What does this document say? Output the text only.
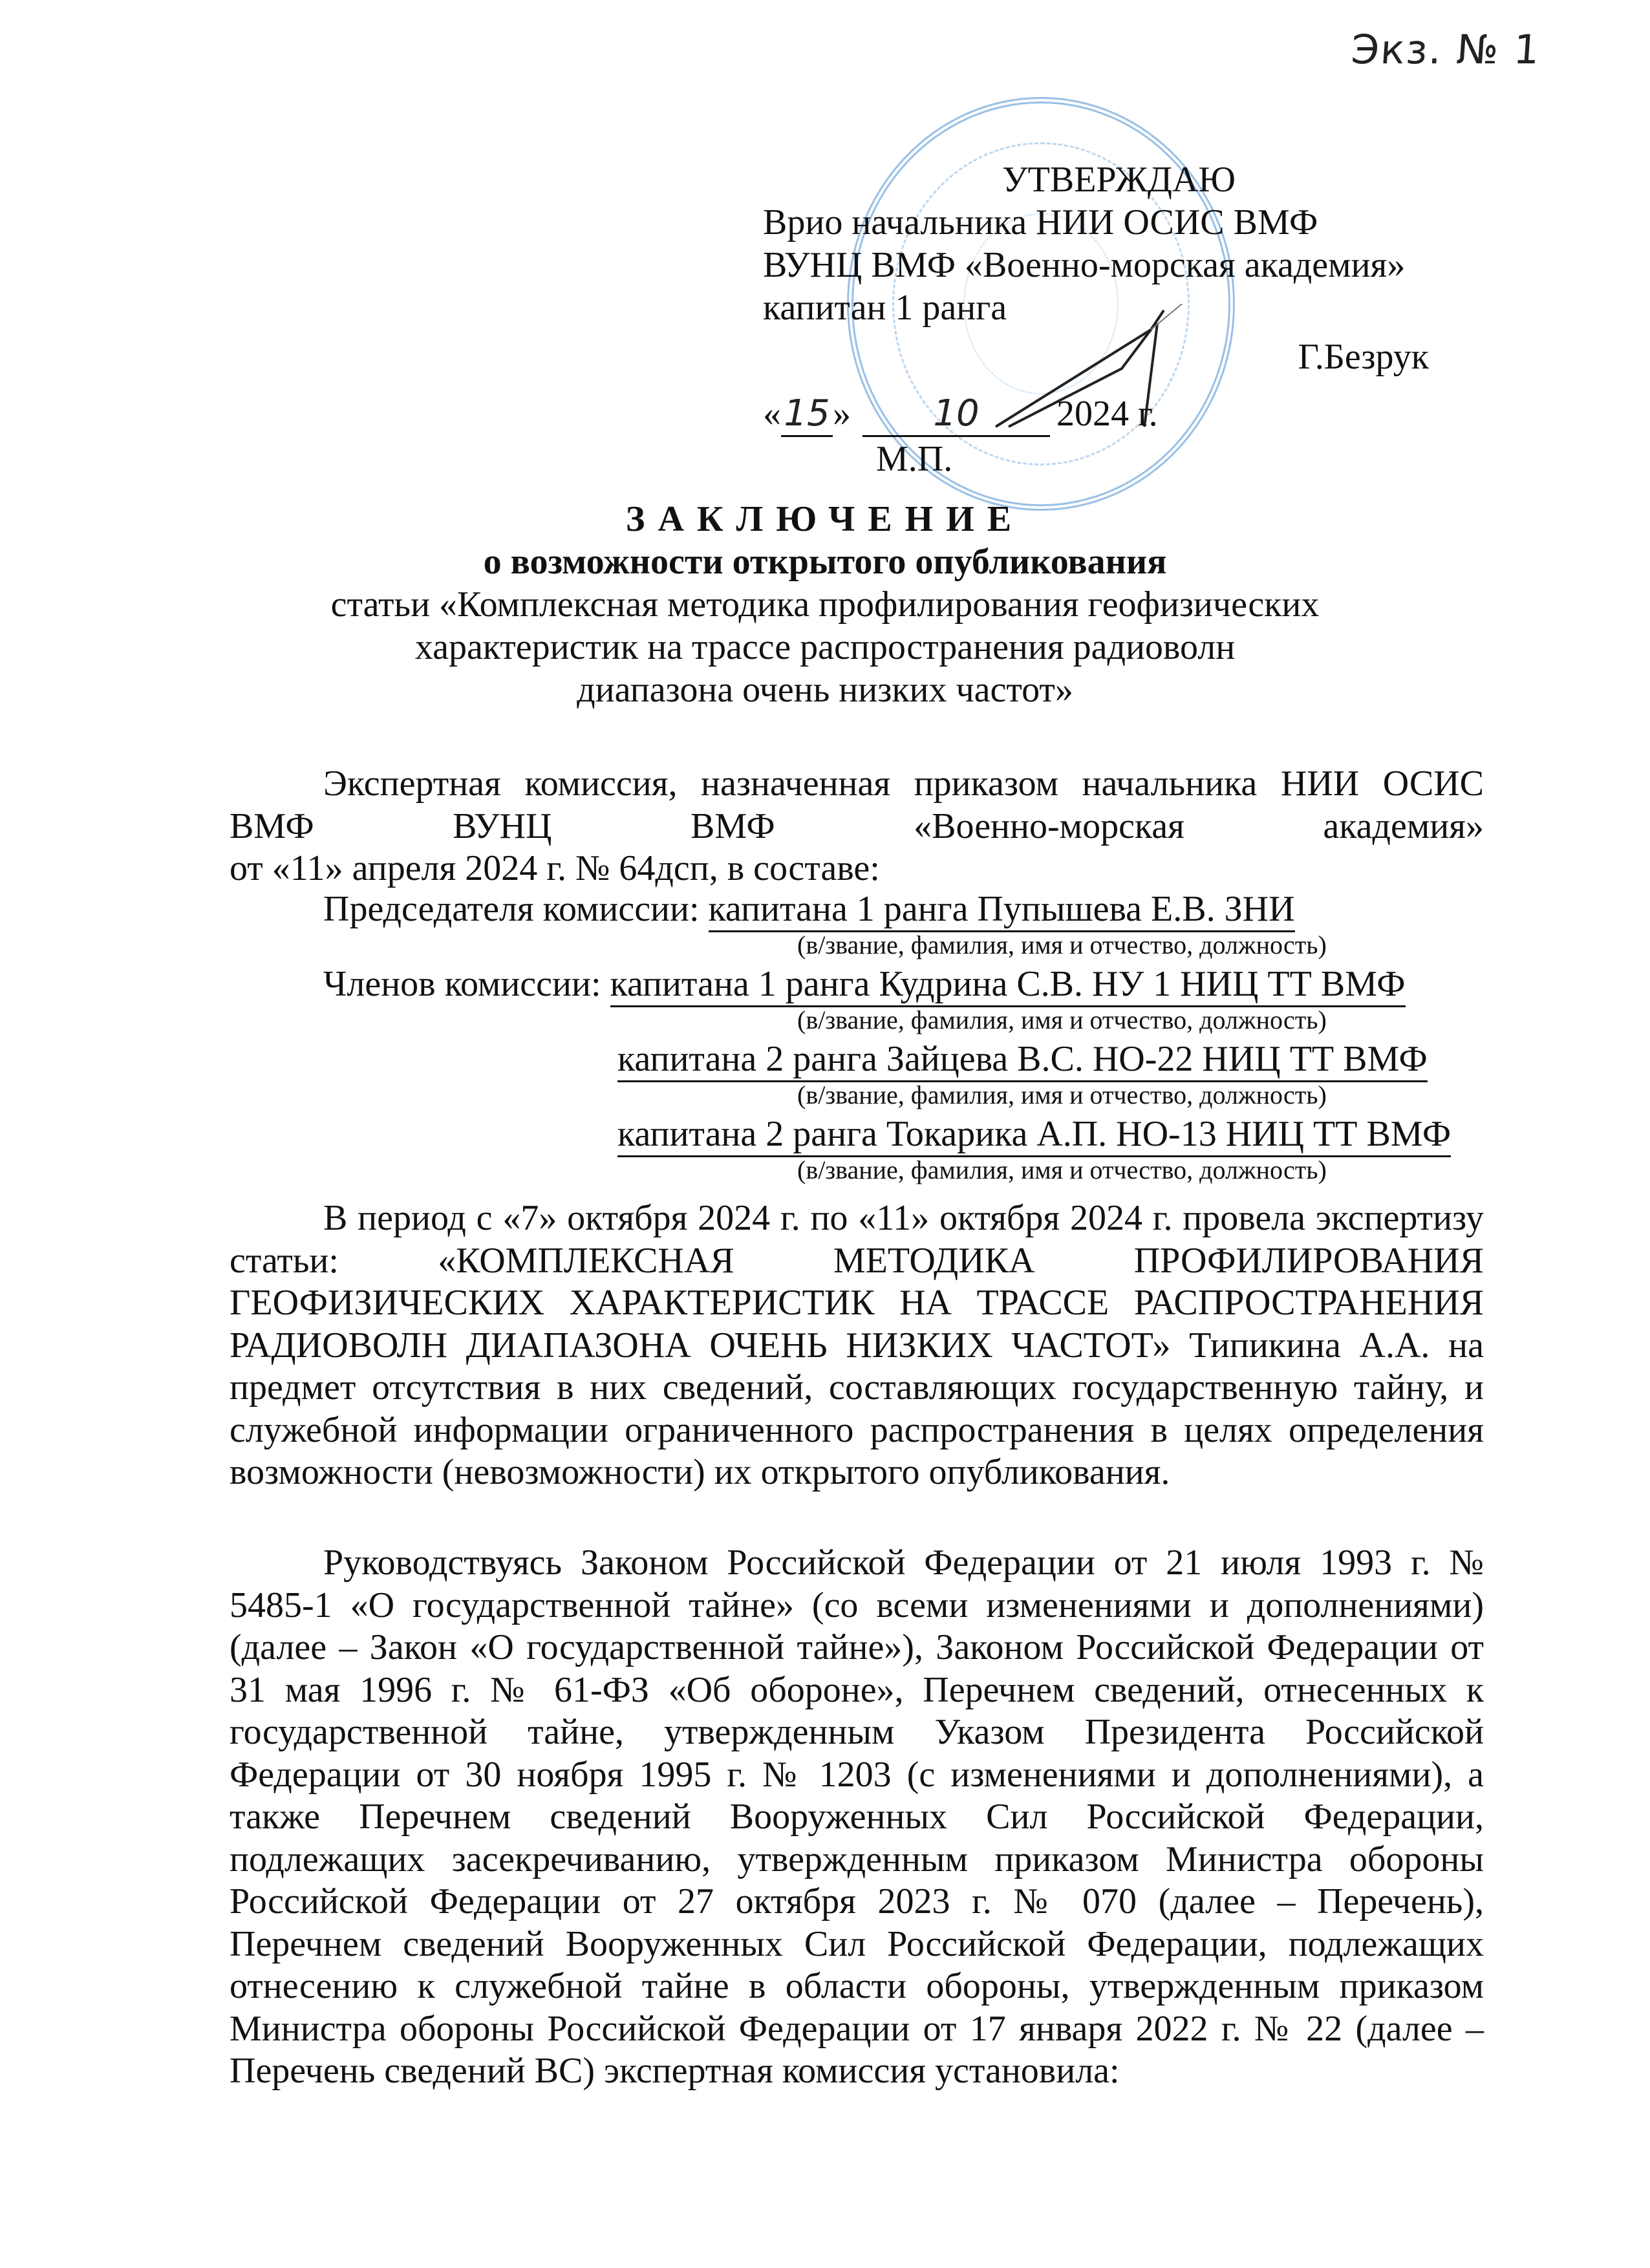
Экз. № 1
УТВЕРЖДАЮ
Врио начальника НИИ ОСИС ВМФ
ВУНЦ ВМФ «Военно-морская академия»
капитан 1 ранга
Г.Безрук
«15» 10 2024 г.
М.П.
ЗАКЛЮЧЕНИЕ
о возможности открытого опубликования
статьи «Комплексная методика профилирования геофизических
характеристик на трассе распространения радиоволн
диапазона очень низких частот»

Экспертная комиссия, назначенная приказом начальника НИИ ОСИС ВМФ ВУНЦ ВМФ «Военно-морская академия»

от «11» апреля 2024 г. № 64дсп, в составе:

Председателя комиссии: капитана 1 ранга Пупышева Е.В. ЗНИ
(в/звание, фамилия, имя и отчество, должность)
Членов комиссии: капитана 1 ранга Кудрина С.В. НУ 1 НИЦ ТТ ВМФ
(в/звание, фамилия, имя и отчество, должность)
капитана 2 ранга Зайцева В.С. НО-22 НИЦ ТТ ВМФ
(в/звание, фамилия, имя и отчество, должность)
капитана 2 ранга Токарика А.П. НО-13 НИЦ ТТ ВМФ
(в/звание, фамилия, имя и отчество, должность)

В период с «7» октября 2024 г. по «11» октября 2024 г. провела экспертизу статьи: «КОМПЛЕКСНАЯ МЕТОДИКА ПРОФИЛИРОВАНИЯ ГЕОФИЗИЧЕСКИХ ХАРАКТЕРИСТИК НА ТРАССЕ РАСПРОСТРАНЕНИЯ РАДИОВОЛН ДИАПАЗОНА ОЧЕНЬ НИЗКИХ ЧАСТОТ» Типикина А.А. на предмет отсутствия в них сведений, составляющих государственную тайну, и служебной информации ограниченного распространения в целях определения возможности (невозможности) их открытого опубликования.

Руководствуясь Законом Российской Федерации от 21 июля 1993 г. № 5485-1 «О государственной тайне» (со всеми изменениями и дополнениями) (далее – Закон «О государственной тайне»), Законом Российской Федерации от 31 мая 1996 г. № 61-ФЗ «Об обороне», Перечнем сведений, отнесенных к государственной тайне, утвержденным Указом Президента Российской Федерации от 30 ноября 1995 г. № 1203 (с изменениями и дополнениями), а также Перечнем сведений Вооруженных Сил Российской Федерации, подлежащих засекречиванию, утвержденным приказом Министра обороны Российской Федерации от 27 октября 2023 г. № 070 (далее – Перечень), Перечнем сведений Вооруженных Сил Российской Федерации, подлежащих отнесению к служебной тайне в области обороны, утвержденным приказом Министра обороны Российской Федерации от 17 января 2022 г. № 22 (далее – Перечень сведений ВС) экспертная комиссия установила:
